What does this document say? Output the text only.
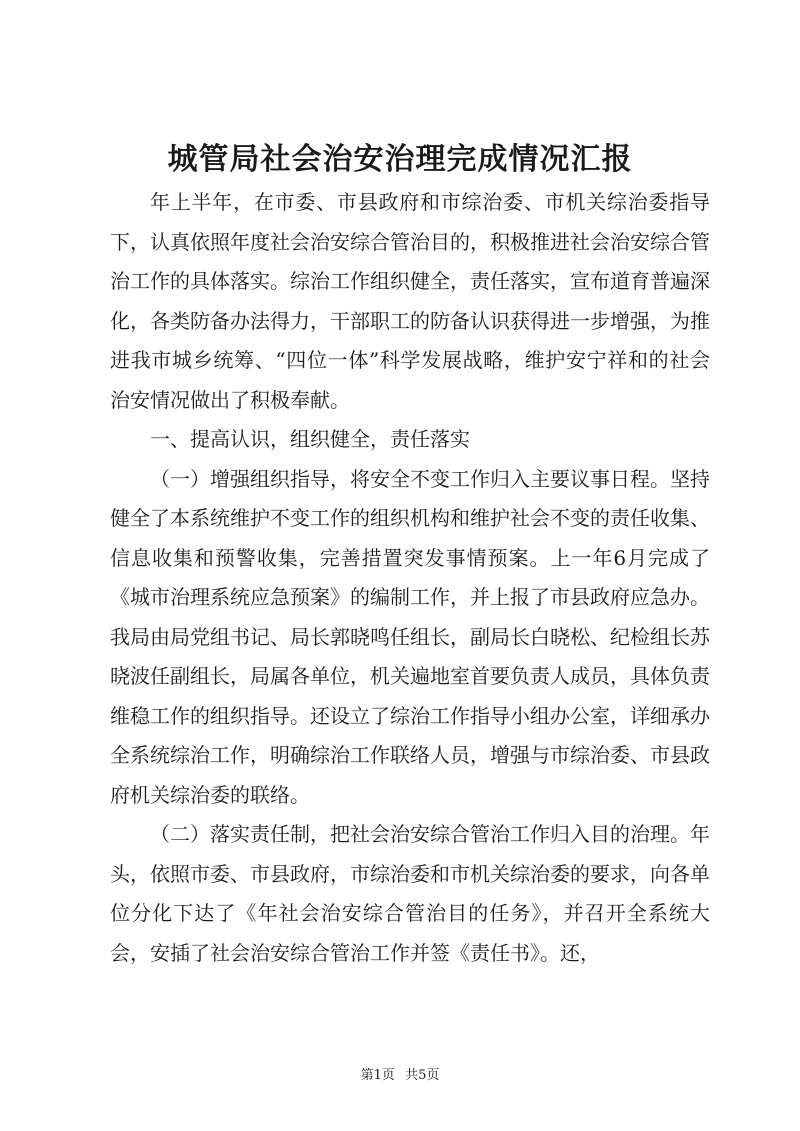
城管局社会治安治理完成情况汇报

年上半年，在市委、市县政府和市综治委、市机关综治委指导下，认真依照年度社会治安综合管治目的，积极推进社会治安综合管治工作的具体落实。综治工作组织健全，责任落实，宣布道育普遍深化，各类防备办法得力，干部职工的防备认识获得进一步增强，为推进我市城乡统筹、“四位一体”科学发展战略，维护安宁祥和的社会治安情况做出了积极奉献。

一、提高认识，组织健全，责任落实

（一）增强组织指导，将安全不变工作归入主要议事日程。坚持健全了本系统维护不变工作的组织机构和维护社会不变的责任收集、信息收集和预警收集，完善措置突发事情预案。上一年6月完成了《城市治理系统应急预案》的编制工作，并上报了市县政府应急办。我局由局党组书记、局长郭晓鸣任组长，副局长白晓松、纪检组长苏晓波任副组长，局属各单位，机关遍地室首要负责人成员，具体负责维稳工作的组织指导。还设立了综治工作指导小组办公室，详细承办全系统综治工作，明确综治工作联络人员，增强与市综治委、市县政府机关综治委的联络。

（二）落实责任制，把社会治安综合管治工作归入目的治理。年头，依照市委、市县政府，市综治委和市机关综治委的要求，向各单位分化下达了《年社会治安综合管治目的任务》，并召开全系统大会，安插了社会治安综合管治工作并签《责任书》。还，

第1页 共5页
